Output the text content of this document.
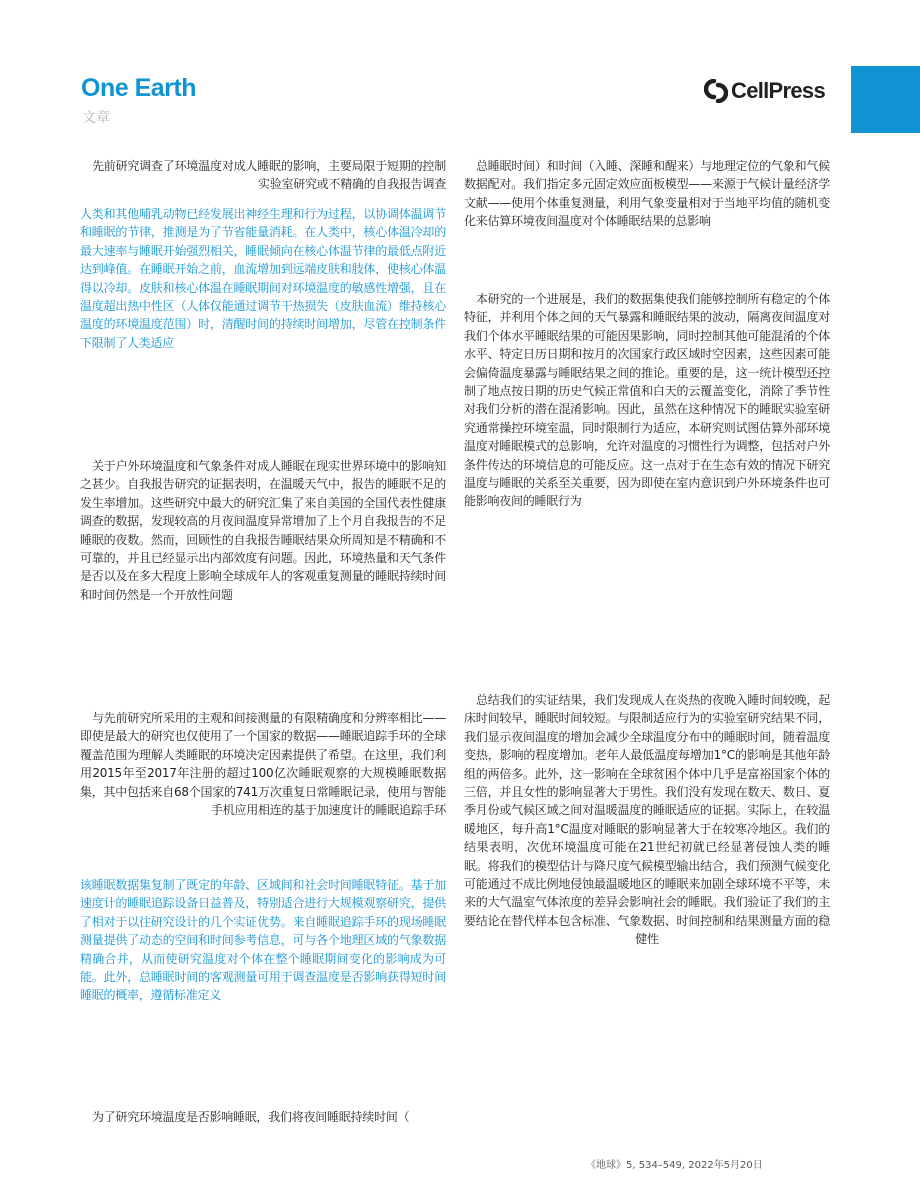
One Earth
文章
CellPress

先前研究调查了环境温度对成人睡眠的影响，主要局限于短期的控制实验室研究或不精确的自我报告调查

人类和其他哺乳动物已经发展出神经生理和行为过程，以协调体温调节和睡眠的节律，推测是为了节省能量消耗。在人类中，核心体温冷却的最大速率与睡眠开始强烈相关，睡眠倾向在核心体温节律的最低点附近达到峰值。在睡眠开始之前，血流增加到远端皮肤和肢体，使核心体温得以冷却。皮肤和核心体温在睡眠期间对环境温度的敏感性增强，且在温度超出热中性区（人体仅能通过调节干热损失（皮肤血流）维持核心温度的环境温度范围）时，清醒时间的持续时间增加，尽管在控制条件下限制了人类适应

关于户外环境温度和气象条件对成人睡眠在现实世界环境中的影响知之甚少。自我报告研究的证据表明，在温暖天气中，报告的睡眠不足的发生率增加。这些研究中最大的研究汇集了来自美国的全国代表性健康调查的数据，发现较高的月夜间温度异常增加了上个月自我报告的不足睡眠的夜数。然而，回顾性的自我报告睡眠结果众所周知是不精确和不可靠的，并且已经显示出内部效度有问题。因此，环境热量和天气条件是否以及在多大程度上影响全球成年人的客观重复测量的睡眠持续时间和时间仍然是一个开放性问题

与先前研究所采用的主观和间接测量的有限精确度和分辨率相比——即使是最大的研究也仅使用了一个国家的数据——睡眠追踪手环的全球覆盖范围为理解人类睡眠的环境决定因素提供了希望。在这里，我们利用2015年至2017年注册的超过100亿次睡眠观察的大规模睡眠数据集，其中包括来自68个国家的741万次重复日常睡眠记录，使用与智能手机应用相连的基于加速度计的睡眠追踪手环

该睡眠数据集复制了既定的年龄、区域间和社会时间睡眠特征。基于加速度计的睡眠追踪设备日益普及，特别适合进行大规模观察研究，提供了相对于以往研究设计的几个实证优势。来自睡眠追踪手环的现场睡眠测量提供了动态的空间和时间参考信息，可与各个地理区域的气象数据精确合并，从而使研究温度对个体在整个睡眠期间变化的影响成为可能。此外，总睡眠时间的客观测量可用于调查温度是否影响获得短时间睡眠的概率，遵循标准定义

为了研究环境温度是否影响睡眠，我们将夜间睡眠持续时间（

总睡眠时间）和时间（入睡、深睡和醒来）与地理定位的气象和气候数据配对。我们指定多元固定效应面板模型——来源于气候计量经济学文献——使用个体重复测量，利用气象变量相对于当地平均值的随机变化来估算环境夜间温度对个体睡眠结果的总影响

本研究的一个进展是，我们的数据集使我们能够控制所有稳定的个体特征，并利用个体之间的天气暴露和睡眠结果的波动，隔离夜间温度对我们个体水平睡眠结果的可能因果影响，同时控制其他可能混淆的个体水平、特定日历日期和按月的次国家行政区域时空因素，这些因素可能会偏倚温度暴露与睡眠结果之间的推论。重要的是，这一统计模型还控制了地点按日期的历史气候正常值和白天的云覆盖变化，消除了季节性对我们分析的潜在混淆影响。因此，虽然在这种情况下的睡眠实验室研究通常操控环境室温，同时限制行为适应，本研究则试图估算外部环境温度对睡眠模式的总影响，允许对温度的习惯性行为调整，包括对户外条件传达的环境信息的可能反应。这一点对于在生态有效的情况下研究温度与睡眠的关系至关重要，因为即使在室内意识到户外环境条件也可能影响夜间的睡眠行为

总结我们的实证结果，我们发现成人在炎热的夜晚入睡时间较晚，起床时间较早，睡眠时间较短。与限制适应行为的实验室研究结果不同，我们显示夜间温度的增加会减少全球温度分布中的睡眠时间，随着温度变热，影响的程度增加。老年人最低温度每增加1°C的影响是其他年龄组的两倍多。此外，这一影响在全球贫困个体中几乎是富裕国家个体的三倍，并且女性的影响显著大于男性。我们没有发现在数天、数日、夏季月份或气候区域之间对温暖温度的睡眠适应的证据。实际上，在较温暖地区，每升高1°C温度对睡眠的影响显著大于在较寒冷地区。我们的结果表明，次优环境温度可能在21世纪初就已经显著侵蚀人类的睡眠。将我们的模型估计与降尺度气候模型输出结合，我们预测气候变化可能通过不成比例地侵蚀最温暖地区的睡眠来加剧全球环境不平等，未来的大气温室气体浓度的差异会影响社会的睡眠。我们验证了我们的主要结论在替代样本包含标准、气象数据、时间控制和结果测量方面的稳健性

《地球》5, 534–549, 2022年5月20日
